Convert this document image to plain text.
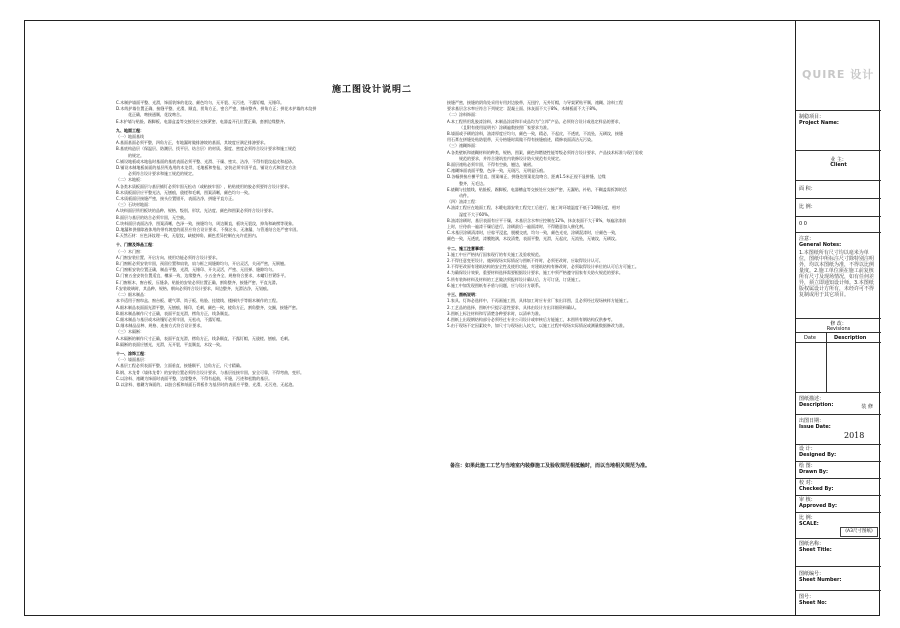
施工图设计说明二
C.木制护墙面平整、光滑，饰面装饰的花纹、颜色均匀，无开裂、无污迹，不露钉帽，无锤印。
D.木线护墙位置正确，接缝平整，光滑，顺直，拐角方正，密合严密，割向整齐，拼角方正；拼花木护墙的木纹拼
花正确，吻接通顺，花纹吻合。
E.木护墙与贴脸、踢脚板、电器盒盖等交接处应交接紧密，电器盖开孔位置正确，套割边缘整齐。
九、地面工程：
（一）地面基线
A.基面基面必须平整，四角方正，有地漏时做排渗坡的基面，其坡度应满足排渗要求。
B.基底构造层（保温层、防潮层、找平层、结合层）的材质、强度、密度必须符合设计要求和施工规范
的规定。
C.铺设地板或木地毡时基面的基底表面必须平整、光滑、干燥、密实、洁净，不得有裂纹起皮和起砂。
D.铺设木制地板前面的基层所选用的木龙骨，毛地板和垫毡，安装必须牢固平直，铺设方式和固定方法
必须符合设计要求和施工规范的规定。
（二）木地板：
A.各类木质板面层与基层铺钉必须牢固无松动（或粘接牢固），粘贴使用的胶必须要符合设计要求。
B.木质板面层应平整光洁，无刨痕，戗槎和毛刺，图案清晰，颜色均匀一致。
C.木质板面层接缝严密，接头位置错开，表面洁净，拼缝平直方正。
（三）石块材地面：
A.块料面层所用板块的品种、规格、级别、形状、光洁度、颜色和图案必须符合设计要求。
B.面层与基层的结合必须牢固，无空鼓。
C.块料面层表面洁净，图案清晰，色泽一致，接缝均匀，周边顺直，板块无裂纹，掉角和缺楞等现象。
D.地漏和供排除液体用的带有坡度的面层应符合设计要求，不倒泛水，无渗漏，与管道结合处严密牢固。
E.天然石材：应色泽纹理一致，无裂纹，缺棱掉角，颜色差异控制在允许范围内。
十、门窗及饰品工程：
（一）木门窗：
A.门窗安装位置、开启方向、使用功能必须符合设计要求。
B.门窗框必须安装牢固，预留位置和扇装，扇与框之间缝隙均匀，开启灵活，关闭严密，无倒翘。
C.门窗框安装位置正确，制品平整，光滑，无锤印、开关灵活，严密、无回弹、缝隙均匀。
D.门窗五金安装位置适宜，槽深一致，边缘整齐，小五金齐全，规格符合要求，木螺钉拧紧卧平。
E.门窗框木，窗台板，压缝条、贴脸的安装必须位置正确，割角整齐，接缝严密，平直光滑。
F.安装玻璃时，其品种、规格、朝向必须符合设计要求，周边整齐，光滑洁净，无划痕。
（二）细木制品：
本节适用于窗帘盒、窗台板、暖气罩、筒子板、贴脸、挂镜线、楼梯扶手等细木制作的工程。
A.细木制品表面面光滑平整，无刨痕，锤印，毛刺，颜色一致，棱角方正，割角整齐，交圈，接缝严密。
B.细木制品制作尺寸正确，表面平直光滑，楞角方正，线条顺直。
C.细木制品与基层或木砖镶钉必须牢固，无松动，不露钉帽。
D.细木制品品种、规格、连接方式符合设计要求。
（三）木隔断：
A.木隔断的制作尺寸正确，表面平直光滑，楞角方正，线条顺直，不露钉帽，无戗槎、刨痕、毛刺。
B.隔断的表面应刨光，光滑，无开裂，平直顺直，木纹一致。
十一、涂饰工程：
（一）墙面基层：
A.基层工程必须表面平整、立面垂直，接缝顺平，边角方正，尺寸精确。
B.钢、木龙骨（墙体龙骨）的安装位置必须符合设计要求，与基层连接牢固，安全可靠，不得弯曲，变形。
C.以涂料、裱糊为饰面时表面平整，边缘整齐，不得有起鼓，开缝，污迹和松散的基层。
D.以涂料、裱糊为饰面的，以胶合板和纸面石膏板作为基层时的表面应平整，光滑，无污迹，无起泡。
接缝严密，接缝的阴角处采用专用封边胶带，无扭拧，无外钉帽，与导架紧贴平顺，裱糊、涂料工程
要求基层含水率应符合下列规定：混凝土面、抹灰面不大于8%，木制板面不大于8%。
（二）涂料饰面：
A.本工程所用乳胶漆涂料，木制品涂漆和半成品均为"立邦"产品，必须符合设计或选定样品的要求，
（且附有使用说明书）涂刷遍数按照厂家要求为准。
B.墙面或予刷的涂料，油漆厚度应均匀，颜色一致，精必，不起皮，不透底，不流坠，无刷纹，接缝
用石膏在拼缝处贴防裂带，天分格缝时需做不得有接缝痕迹，精修表面清洁无污染。
（三）裱糊饰面：
A.各类壁纸和裱糊材料的种类，规格，图案，颜色和燃烧性能等级必须符合设计要求，产品技术标准与现行验收
规范的要求，并符合建筑室内装修设计防火规范有关规定。
B.面层裱贴必须牢固，不得有空鼓，翘边，皱褶。
C.裱糊饰面表面平整，色泽一致，无斑污，无明显压痕。
D.各幅拼接应横平竖直，图案端正，拼缝处图案花纹吻合，距离1.5米正视不显拼缝，边缘
整齐，无毛边。
E.裱糊与挂镜线、贴脸板、踢脚板、电器槽盒等交接处应交接严密，无漏贴，补贴，不糊盖需拆卸的活
动件。
（四）油漆工程：
A.油漆工程应在地面工程、水暖电器安装工程完工后进行，施工时环境温度不低于10摄氏度，相对
湿度不大于60%。
B.油漆涂刷时，基层表面有应平干燥，木基层含水率应控制在12%，抹灰表面不大于8%，每遍涂漆前
上时，应待前一遍漆干燥后进行，涂刷最后一遍面漆时，不得随意加入催化剂。
C.木基层涂刷清漆时，应棕平浸盆，脱模交底，均匀一致，颜色光亮，涂刷混漆时，应颜色一致，
颜色一致，无透底，漆膜饱满，木纹清楚，表面平整，光滑，无起皮，无流坠，无皱纹，无刷纹。
十二、施工注意事项：
1.施工中应严格执行国家现行的有关施工及验收规范。
2.不得任意变更设计，遇到现场实际情况与图纸不符时，必须更改时，应取得设计认可。
3.不得更改原有建筑结构的安全性及使用功能，对建筑结构有修改时，必须取得设计单位的认可后方可施工。
4.为确保设计效果，重要材料选择需要根据设计要求，施工中须严格遵守国家有关防火规范的要求。
5.所有装饰材料及材料的工艺做法须报样设计确认后，方可订货，订货施工。
6.施工中如发现图纸有矛盾与问题，应与设计方联系。
十三、图纸说明：
1.家具、灯饰必选样中，不再画施工图，具体加工时应专业厂家出详图，且必须经过现场核样方能施工。
2.工艺品的选择，图纸中只提示意性要求，具体由设计方出详细资料确认。
3.图纸上标注材料和写清楚各种要求时，以清单为准。
4.图纸上出现钢结构部分必须经过专业公司设计或审核后方能施工，本图所有钢结构仅供参考。
5.由于现场不定因素较多，如尺寸与现场出入较大，以施工过程中现场实际情况或测量数据修改为准。
备注：如果此施工工艺与当地室内装修施工及验收规范相抵触时，而以当地相关规范为准。
QUIRE 设计
制稳项目：
Project Name:
业 主：
Client
面 积：
比 例：
0 0
注意：
General Notes:
1.本图纸所有尺寸均以毫米为单位，图纸中所标注尺寸除特别注明外，均以本图纸为准，不得以比例量度。2.施工单位须在施工前复核所有尺寸及现场情况，如有任何差异，须立即通知设计师。3.本图纸版权属设计方所有，未经许可不得复制或用于其它项目。
修 改：
Revisions
Date	Description
图纸描述：
Description:	装 修
出图日期：
Issue Date:
2018
设 计：
Designed By:
绘 图：
Drawn By:
校 对：
Checked By:
审 核：
Approved By:
比 例：
SCALE:
(A3尺寸图纸)
图纸名称：
Sheet Title:
图纸编号：
Sheet Number:
图号：
Sheet No:
